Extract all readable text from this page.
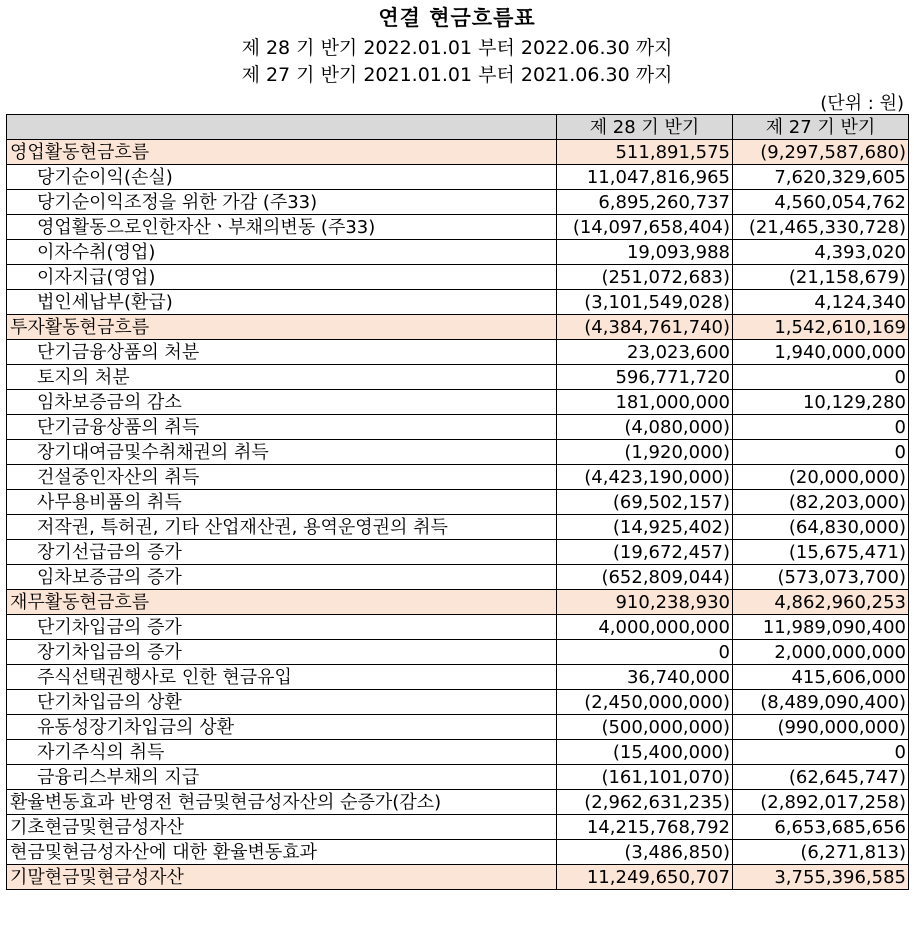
연결 현금흐름표
제 28 기 반기 2022.01.01 부터 2022.06.30 까지
제 27 기 반기 2021.01.01 부터 2021.06.30 까지
(단위 : 원)
	제 28 기 반기	제 27 기 반기
영업활동현금흐름	511,891,575	(9,297,587,680)
당기순이익(손실)	11,047,816,965	7,620,329,605
당기순이익조정을 위한 가감 (주33)	6,895,260,737	4,560,054,762
영업활동으로인한자산ㆍ부채의변동 (주33)	(14,097,658,404)	(21,465,330,728)
이자수취(영업)	19,093,988	4,393,020
이자지급(영업)	(251,072,683)	(21,158,679)
법인세납부(환급)	(3,101,549,028)	4,124,340
투자활동현금흐름	(4,384,761,740)	1,542,610,169
단기금융상품의 처분	23,023,600	1,940,000,000
토지의 처분	596,771,720	0
임차보증금의 감소	181,000,000	10,129,280
단기금융상품의 취득	(4,080,000)	0
장기대여금및수취채권의 취득	(1,920,000)	0
건설중인자산의 취득	(4,423,190,000)	(20,000,000)
사무용비품의 취득	(69,502,157)	(82,203,000)
저작권, 특허권, 기타 산업재산권, 용역운영권의 취득	(14,925,402)	(64,830,000)
장기선급금의 증가	(19,672,457)	(15,675,471)
임차보증금의 증가	(652,809,044)	(573,073,700)
재무활동현금흐름	910,238,930	4,862,960,253
단기차입금의 증가	4,000,000,000	11,989,090,400
장기차입금의 증가	0	2,000,000,000
주식선택권행사로 인한 현금유입	36,740,000	415,606,000
단기차입금의 상환	(2,450,000,000)	(8,489,090,400)
유동성장기차입금의 상환	(500,000,000)	(990,000,000)
자기주식의 취득	(15,400,000)	0
금융리스부채의 지급	(161,101,070)	(62,645,747)
환율변동효과 반영전 현금및현금성자산의 순증가(감소)	(2,962,631,235)	(2,892,017,258)
기초현금및현금성자산	14,215,768,792	6,653,685,656
현금및현금성자산에 대한 환율변동효과	(3,486,850)	(6,271,813)
기말현금및현금성자산	11,249,650,707	3,755,396,585
